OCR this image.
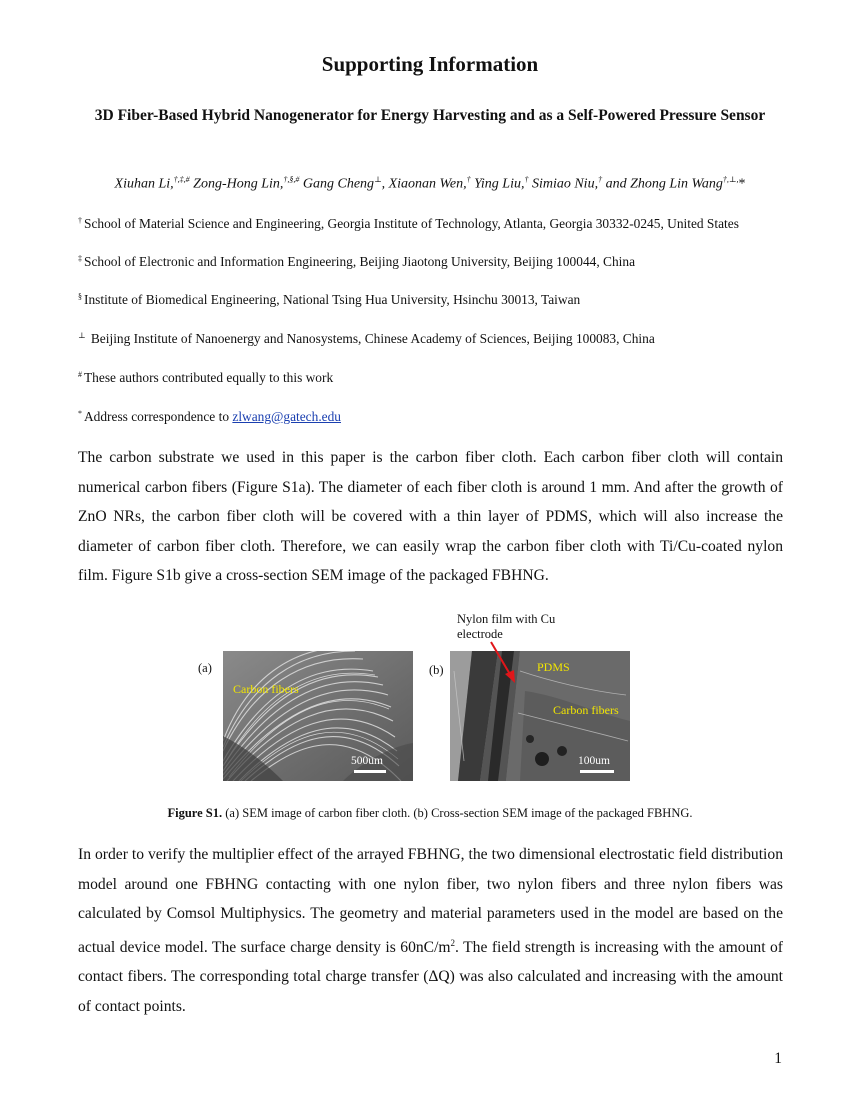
Supporting Information
3D Fiber-Based Hybrid Nanogenerator for Energy Harvesting and as a Self-Powered Pressure Sensor
Xiuhan Li,†,‡,# Zong-Hong Lin,†,§,# Gang Cheng⊥, Xiaonan Wen,† Ying Liu,† Simiao Niu,† and Zhong Lin Wang†,⊥,*
† School of Material Science and Engineering, Georgia Institute of Technology, Atlanta, Georgia 30332-0245, United States
‡ School of Electronic and Information Engineering, Beijing Jiaotong University, Beijing 100044, China
§ Institute of Biomedical Engineering, National Tsing Hua University, Hsinchu 30013, Taiwan
⊥ Beijing Institute of Nanoenergy and Nanosystems, Chinese Academy of Sciences, Beijing 100083, China
# These authors contributed equally to this work
* Address correspondence to zlwang@gatech.edu
The carbon substrate we used in this paper is the carbon fiber cloth. Each carbon fiber cloth will contain numerical carbon fibers (Figure S1a). The diameter of each fiber cloth is around 1 mm. And after the growth of ZnO NRs, the carbon fiber cloth will be covered with a thin layer of PDMS, which will also increase the diameter of carbon fiber cloth. Therefore, we can easily wrap the carbon fiber cloth with Ti/Cu-coated nylon film. Figure S1b give a cross-section SEM image of the packaged FBHNG.
(a)
Carbon fibers
500um
(b)
Nylon film with Cu
electrode
PDMS
Carbon fibers
100um
Figure S1. (a) SEM image of carbon fiber cloth. (b) Cross-section SEM image of the packaged FBHNG.
In order to verify the multiplier effect of the arrayed FBHNG, the two dimensional electrostatic field distribution model around one FBHNG contacting with one nylon fiber, two nylon fibers and three nylon fibers was calculated by Comsol Multiphysics. The geometry and material parameters used in the model are based on the actual device model. The surface charge density is $60nC/m^2$. The field strength is increasing with the amount of contact fibers. The corresponding total charge transfer (ΔQ) was also calculated and increasing with the amount of contact points.
1
